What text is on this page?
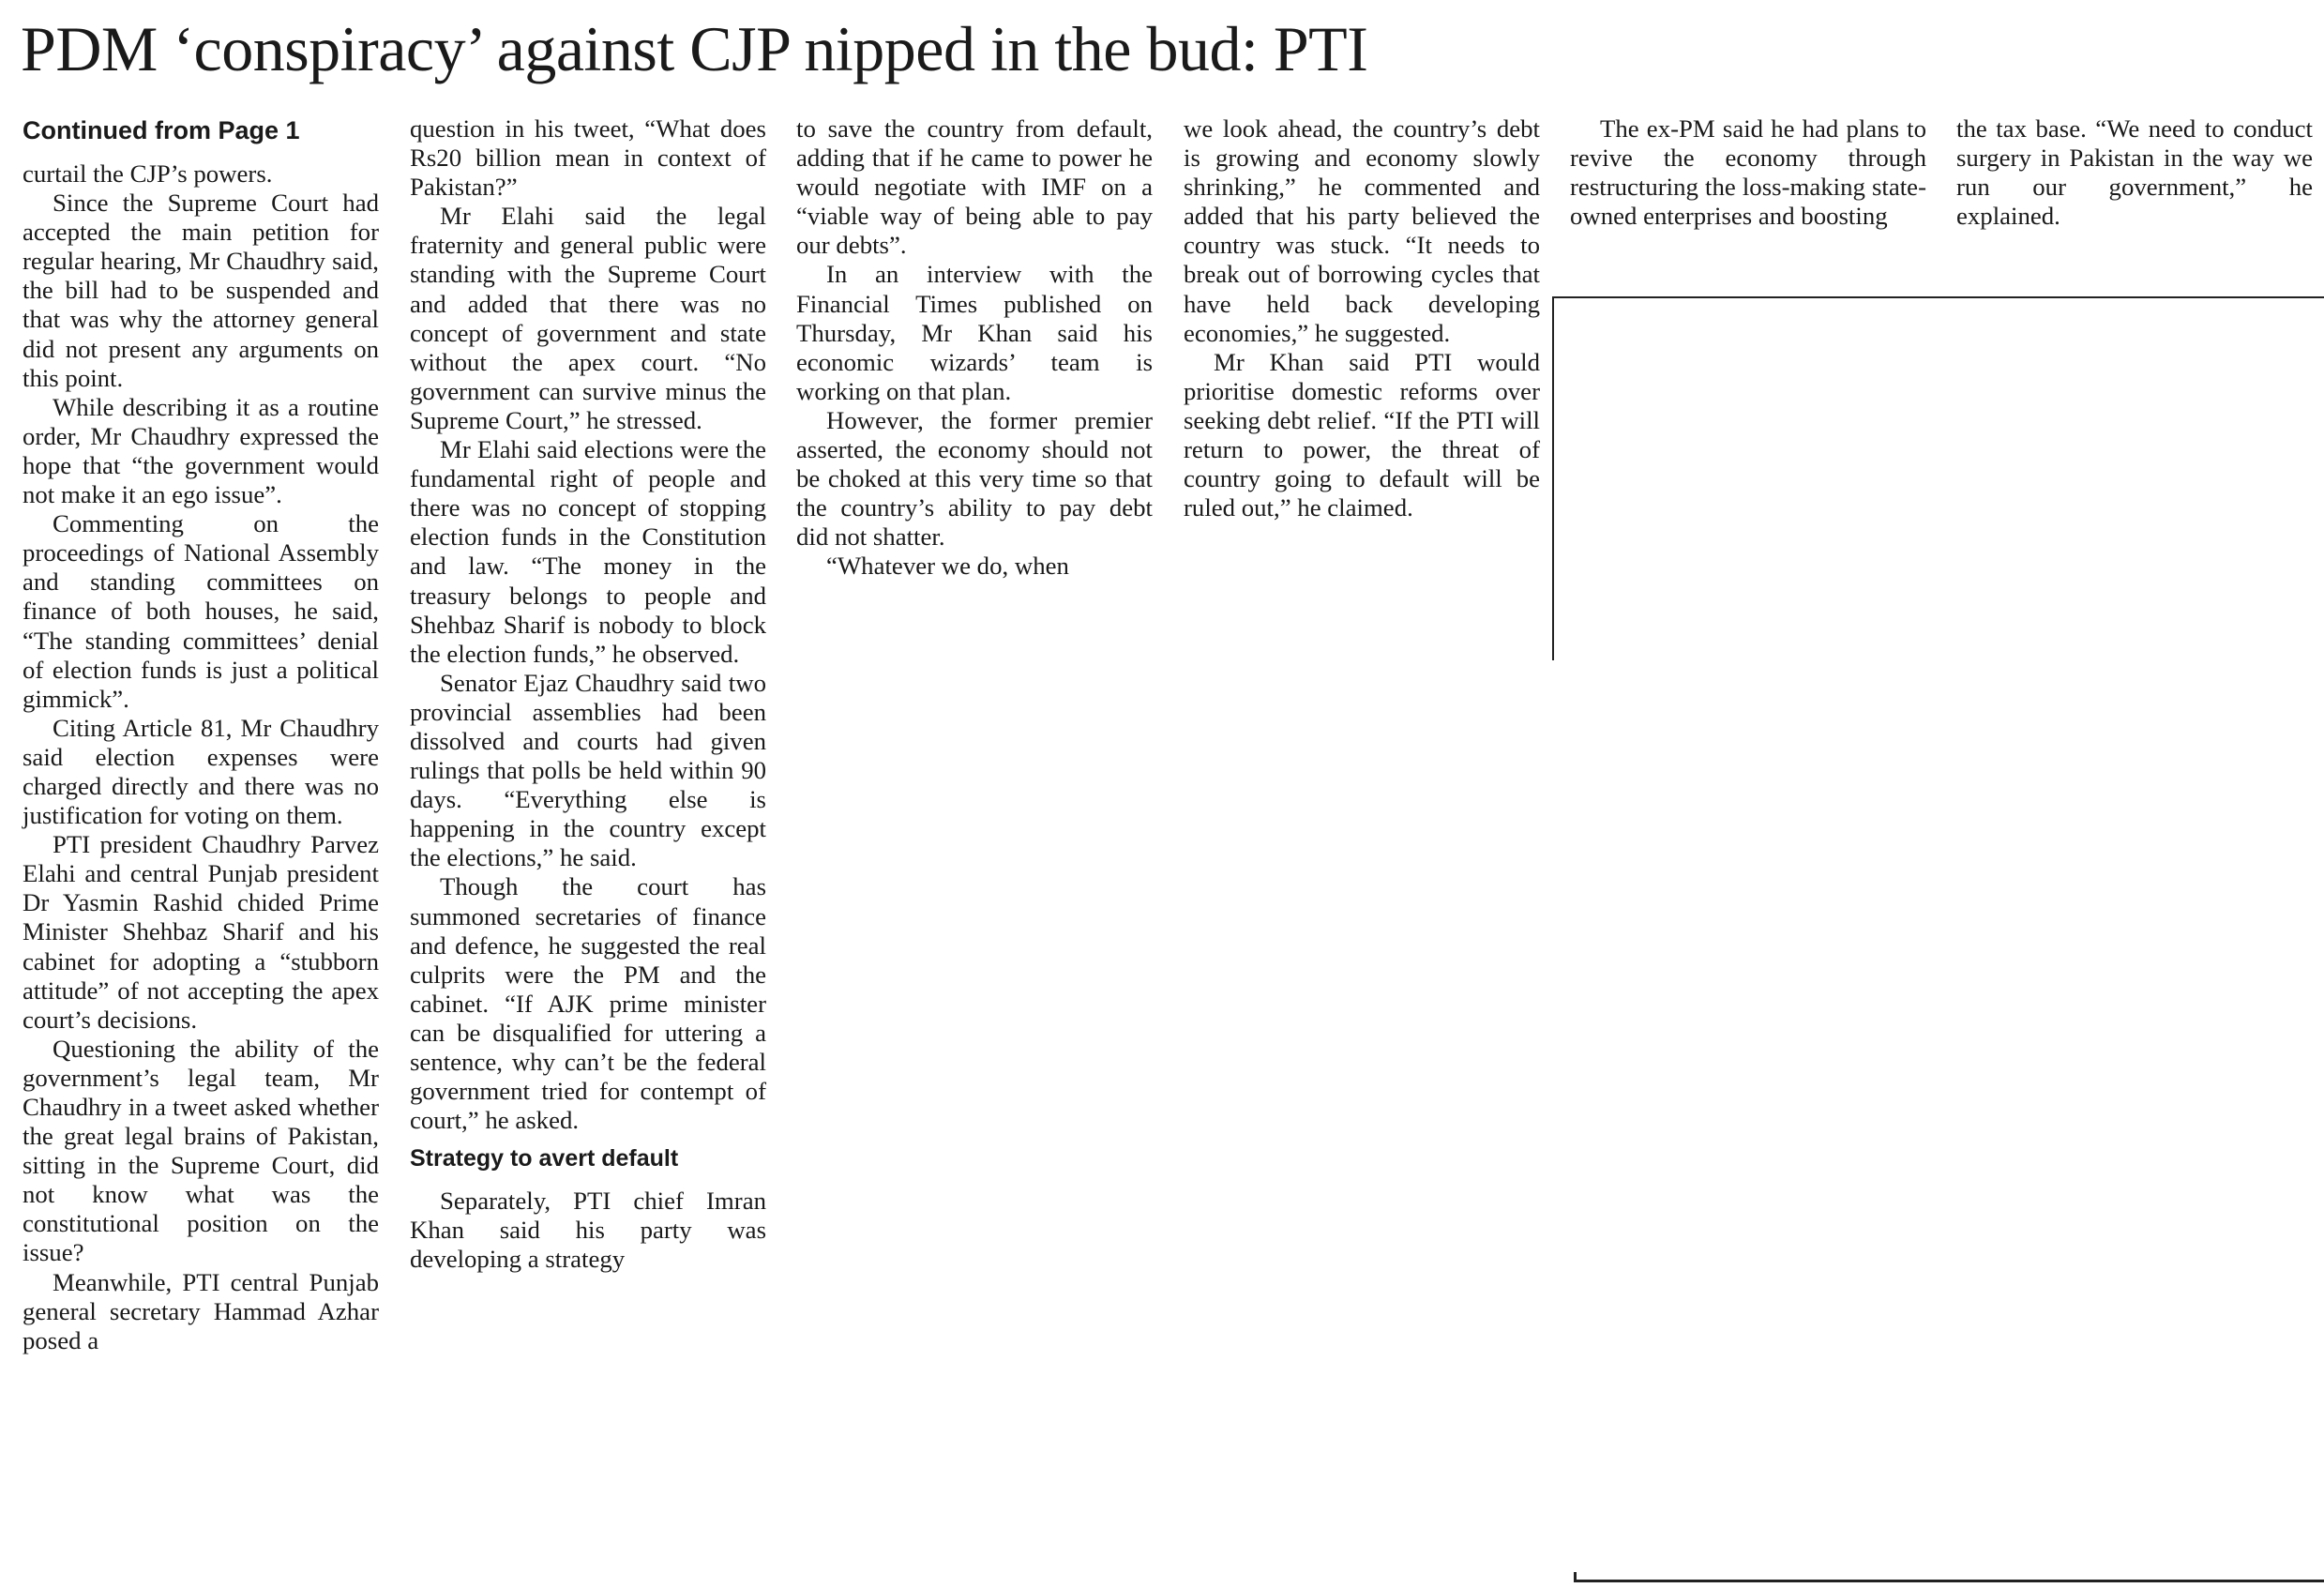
PDM ‘conspiracy’ against CJP nipped in the bud: PTI
Continued from Page 1

curtail the CJP’s powers.

Since the Supreme Court had accepted the main petition for regular hearing, Mr Chaudhry said, the bill had to be suspended and that was why the attorney general did not present any arguments on this point.

While describing it as a routine order, Mr Chaudhry expressed the hope that “the government would not make it an ego issue”.

Commenting on the proceedings of National Assembly and standing committees on finance of both houses, he said, “The standing committees’ denial of election funds is just a political gimmick”.

Citing Article 81, Mr Chaudhry said election expenses were charged directly and there was no justification for voting on them.

PTI president Chaudhry Parvez Elahi and central Punjab president Dr Yasmin Rashid chided Prime Minister Shehbaz Sharif and his cabinet for adopting a “stubborn attitude” of not accepting the apex court’s decisions.

Questioning the ability of the government’s legal team, Mr Chaudhry in a tweet asked whether the great legal brains of Pakistan, sitting in the Supreme Court, did not know what was the constitutional position on the issue?

Meanwhile, PTI central Punjab general secretary Hammad Azhar posed a

question in his tweet, “What does Rs20 billion mean in context of Pakistan?”

Mr Elahi said the legal fraternity and general public were standing with the Supreme Court and added that there was no concept of government and state without the apex court. “No government can survive minus the Supreme Court,” he stressed.

Mr Elahi said elections were the fundamental right of people and there was no concept of stopping election funds in the Constitution and law. “The money in the treasury belongs to people and Shehbaz Sharif is nobody to block the election funds,” he observed.

Senator Ejaz Chaudhry said two provincial assemblies had been dissolved and courts had given rulings that polls be held within 90 days. “Everything else is happening in the country except the elections,” he said.

Though the court has summoned secretaries of finance and defence, he suggested the real culprits were the PM and the cabinet. “If AJK prime minister can be disqualified for uttering a sentence, why can’t be the federal government tried for contempt of court,” he asked.

Strategy to avert default

Separately, PTI chief Imran Khan said his party was developing a strategy

to save the country from default, adding that if he came to power he would negotiate with IMF on a “viable way of being able to pay our debts”.

In an interview with the Financial Times published on Thursday, Mr Khan said his economic wizards’ team is working on that plan.

However, the former premier asserted, the economy should not be choked at this very time so that the country’s ability to pay debt did not shatter.

“Whatever we do, when

we look ahead, the country’s debt is growing and economy slowly shrinking,” he commented and added that his party believed the country was stuck. “It needs to break out of borrowing cycles that have held back developing economies,” he suggested.

Mr Khan said PTI would prioritise domestic reforms over seeking debt relief. “If the PTI will return to power, the threat of country going to default will be ruled out,” he claimed.

The ex-PM said he had plans to revive the economy through restructuring the loss-making state-owned enterprises and boosting

the tax base. “We need to conduct surgery in Pakistan in the way we run our government,” he explained.
